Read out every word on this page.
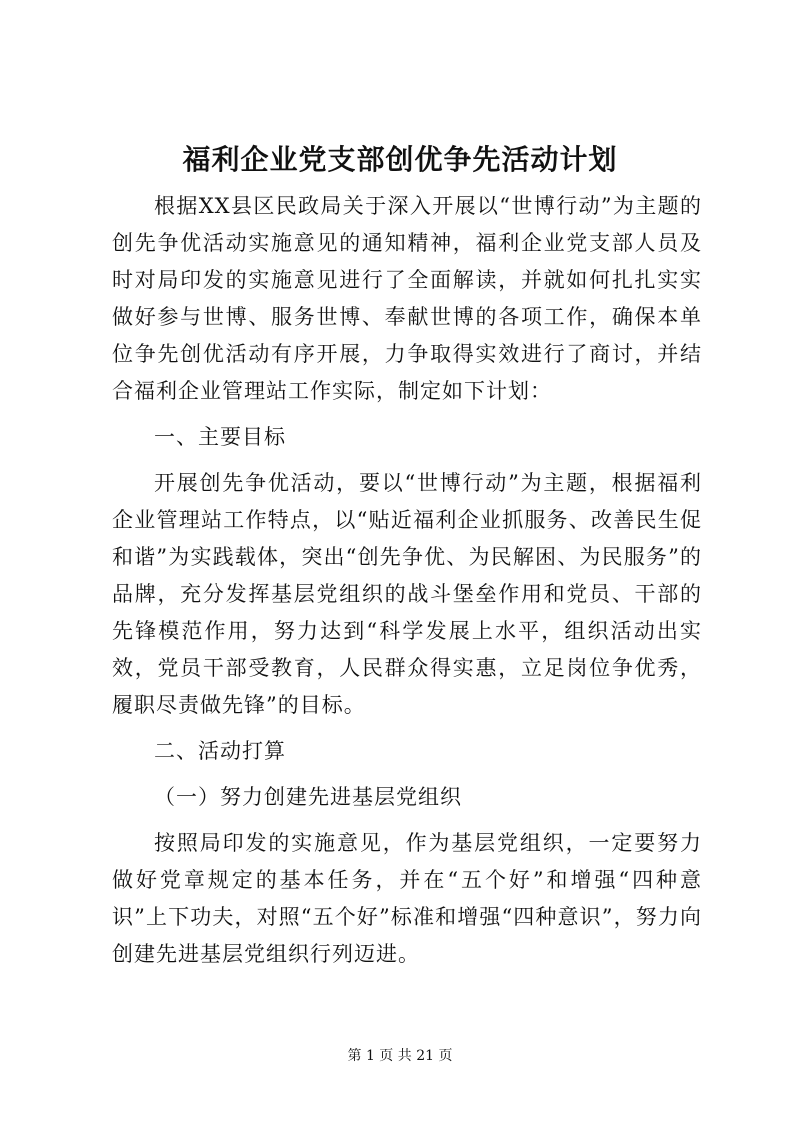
福利企业党支部创优争先活动计划

根据XX县区民政局关于深入开展以“世博行动”为主题的创先争优活动实施意见的通知精神，福利企业党支部人员及时对局印发的实施意见进行了全面解读，并就如何扎扎实实做好参与世博、服务世博、奉献世博的各项工作，确保本单位争先创优活动有序开展，力争取得实效进行了商讨，并结合福利企业管理站工作实际，制定如下计划：

一、主要目标

开展创先争优活动，要以“世博行动”为主题，根据福利企业管理站工作特点，以“贴近福利企业抓服务、改善民生促和谐”为实践载体，突出“创先争优、为民解困、为民服务”的品牌，充分发挥基层党组织的战斗堡垒作用和党员、干部的先锋模范作用，努力达到“科学发展上水平，组织活动出实效，党员干部受教育，人民群众得实惠，立足岗位争优秀，履职尽责做先锋”的目标。

二、活动打算

（一）努力创建先进基层党组织

按照局印发的实施意见，作为基层党组织，一定要努力做好党章规定的基本任务，并在“五个好”和增强“四种意识”上下功夫，对照“五个好”标准和增强“四种意识”，努力向创建先进基层党组织行列迈进。

第 1 页 共 21 页
